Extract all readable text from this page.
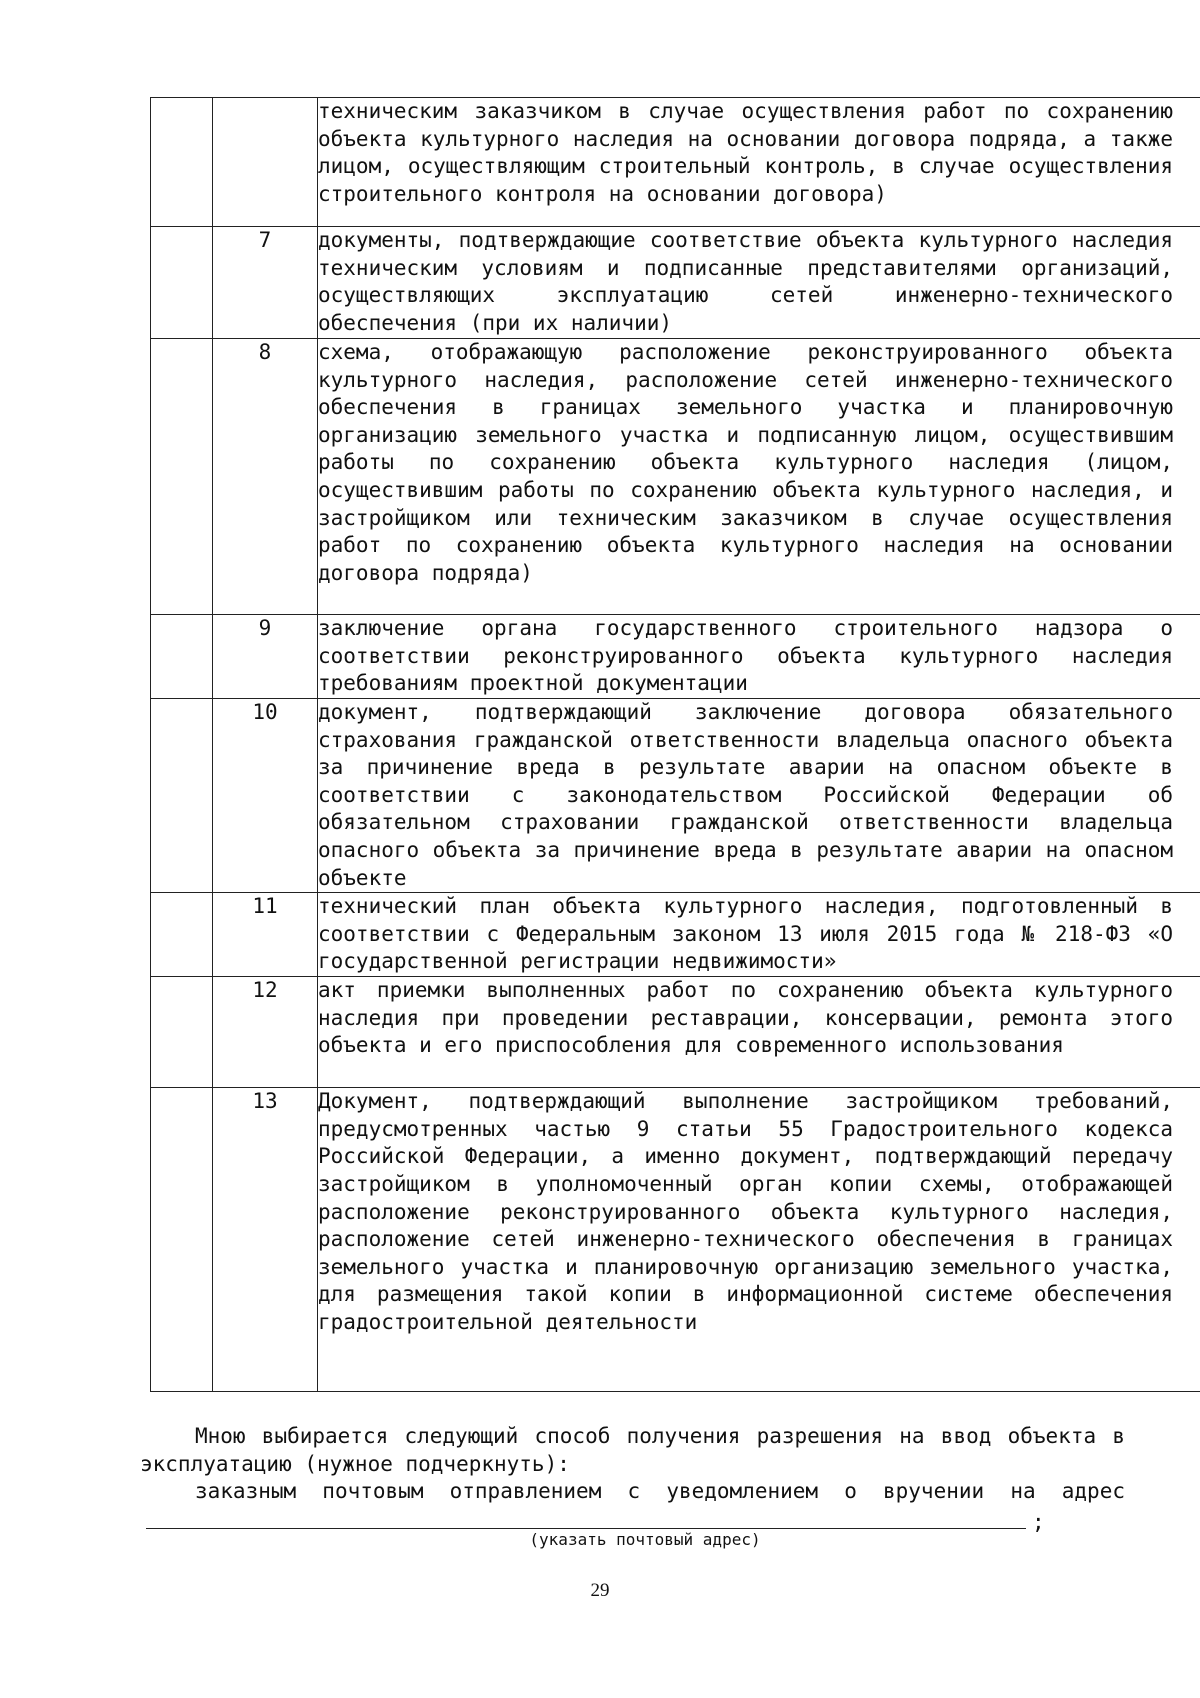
		техническим заказчиком в случае осуществления работ по сохранению объекта культурного наследия на основании договора подряда, а также лицом, осуществляющим строительный контроль, в случае осуществления строительного контроля на основании договора)

	7	документы, подтверждающие соответствие объекта культурного наследия техническим условиям и подписанные представителями организаций, осуществляющих эксплуатацию сетей инженерно-технического обеспечения (при их наличии)

	8	схема, отображающую расположение реконструированного объекта культурного наследия, расположение сетей инженерно-технического обеспечения в границах земельного участка и планировочную организацию земельного участка и подписанную лицом, осуществившим работы по сохранению объекта культурного наследия (лицом, осуществившим работы по сохранению объекта культурного наследия, и застройщиком или техническим заказчиком в случае осуществления работ по сохранению объекта культурного наследия на основании договора подряда)

	9	заключение органа государственного строительного надзора о соответствии реконструированного объекта культурного наследия требованиям проектной документации

	10	документ, подтверждающий заключение договора обязательного страхования гражданской ответственности владельца опасного объекта за причинение вреда в результате аварии на опасном объекте в соответствии с законодательством Российской Федерации об обязательном страховании гражданской ответственности владельца опасного объекта за причинение вреда в результате аварии на опасном объекте

	11	технический план объекта культурного наследия, подготовленный в соответствии с Федеральным законом 13 июля 2015 года № 218-ФЗ «О государственной регистрации недвижимости»

	12	акт приемки выполненных работ по сохранению объекта культурного наследия при проведении реставрации, консервации, ремонта этого объекта и его приспособления для современного использования

	13	Документ, подтверждающий выполнение застройщиком требований, предусмотренных частью 9 статьи 55 Градостроительного кодекса Российской Федерации, а именно документ, подтверждающий передачу застройщиком в уполномоченный орган копии схемы, отображающей расположение реконструированного объекта культурного наследия, расположение сетей инженерно-технического обеспечения в границах земельного участка и планировочную организацию земельного участка, для размещения такой копии в информационной системе обеспечения градостроительной деятельности
Мною выбирается следующий способ получения разрешения на ввод объекта в эксплуатацию (нужное подчеркнуть):
заказным почтовым отправлением с уведомлением о вручении на адрес;
(указать почтовый адрес)
29
